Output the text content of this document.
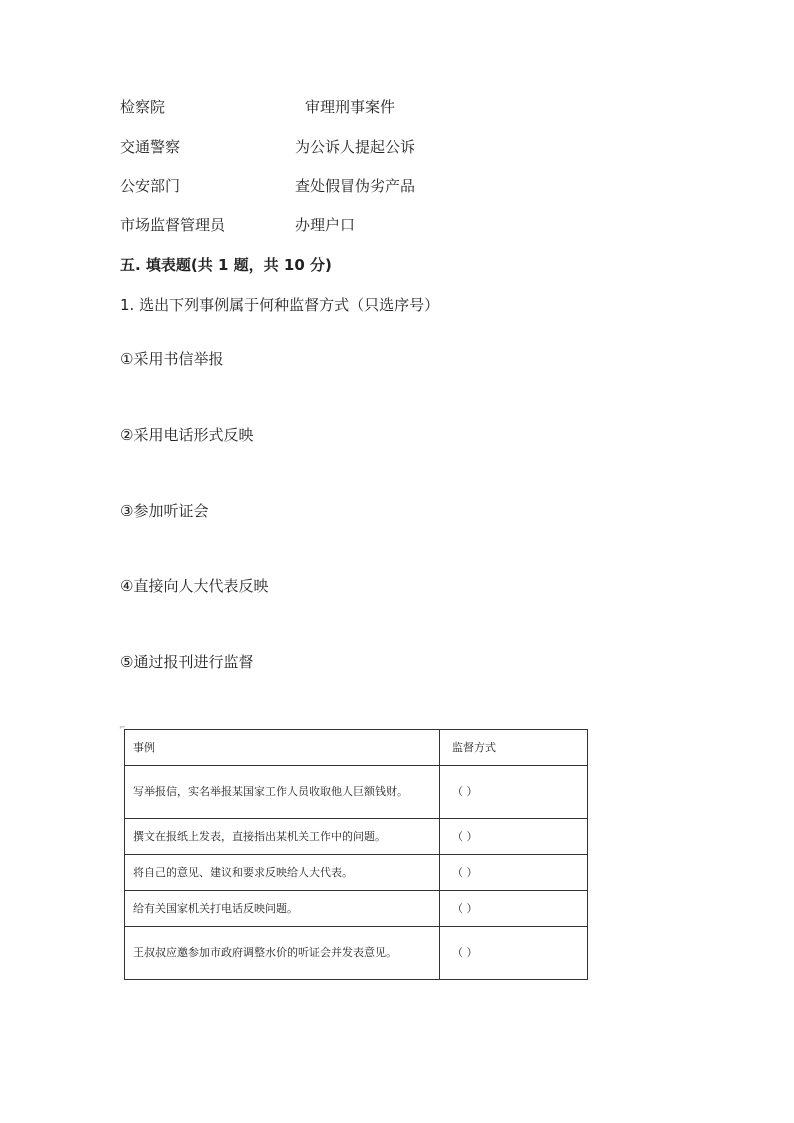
检察院	审理刑事案件
交通警察	为公诉人提起公诉
公安部门	查处假冒伪劣产品
市场监督管理员	办理户口
五. 填表题(共 1 题，共 10 分)
1. 选出下列事例属于何种监督方式（只选序号）
①采用书信举报
②采用电话形式反映
③参加听证会
④直接向人大代表反映
⑤通过报刊进行监督
⌐
事例	监督方式
写举报信，实名举报某国家工作人员收取他人巨额钱财。	（ ）
撰文在报纸上发表，直接指出某机关工作中的问题。	（ ）
将自己的意见、建议和要求反映给人大代表。	（ ）
给有关国家机关打电话反映问题。	（ ）
王叔叔应邀参加市政府调整水价的听证会并发表意见。	（ ）
